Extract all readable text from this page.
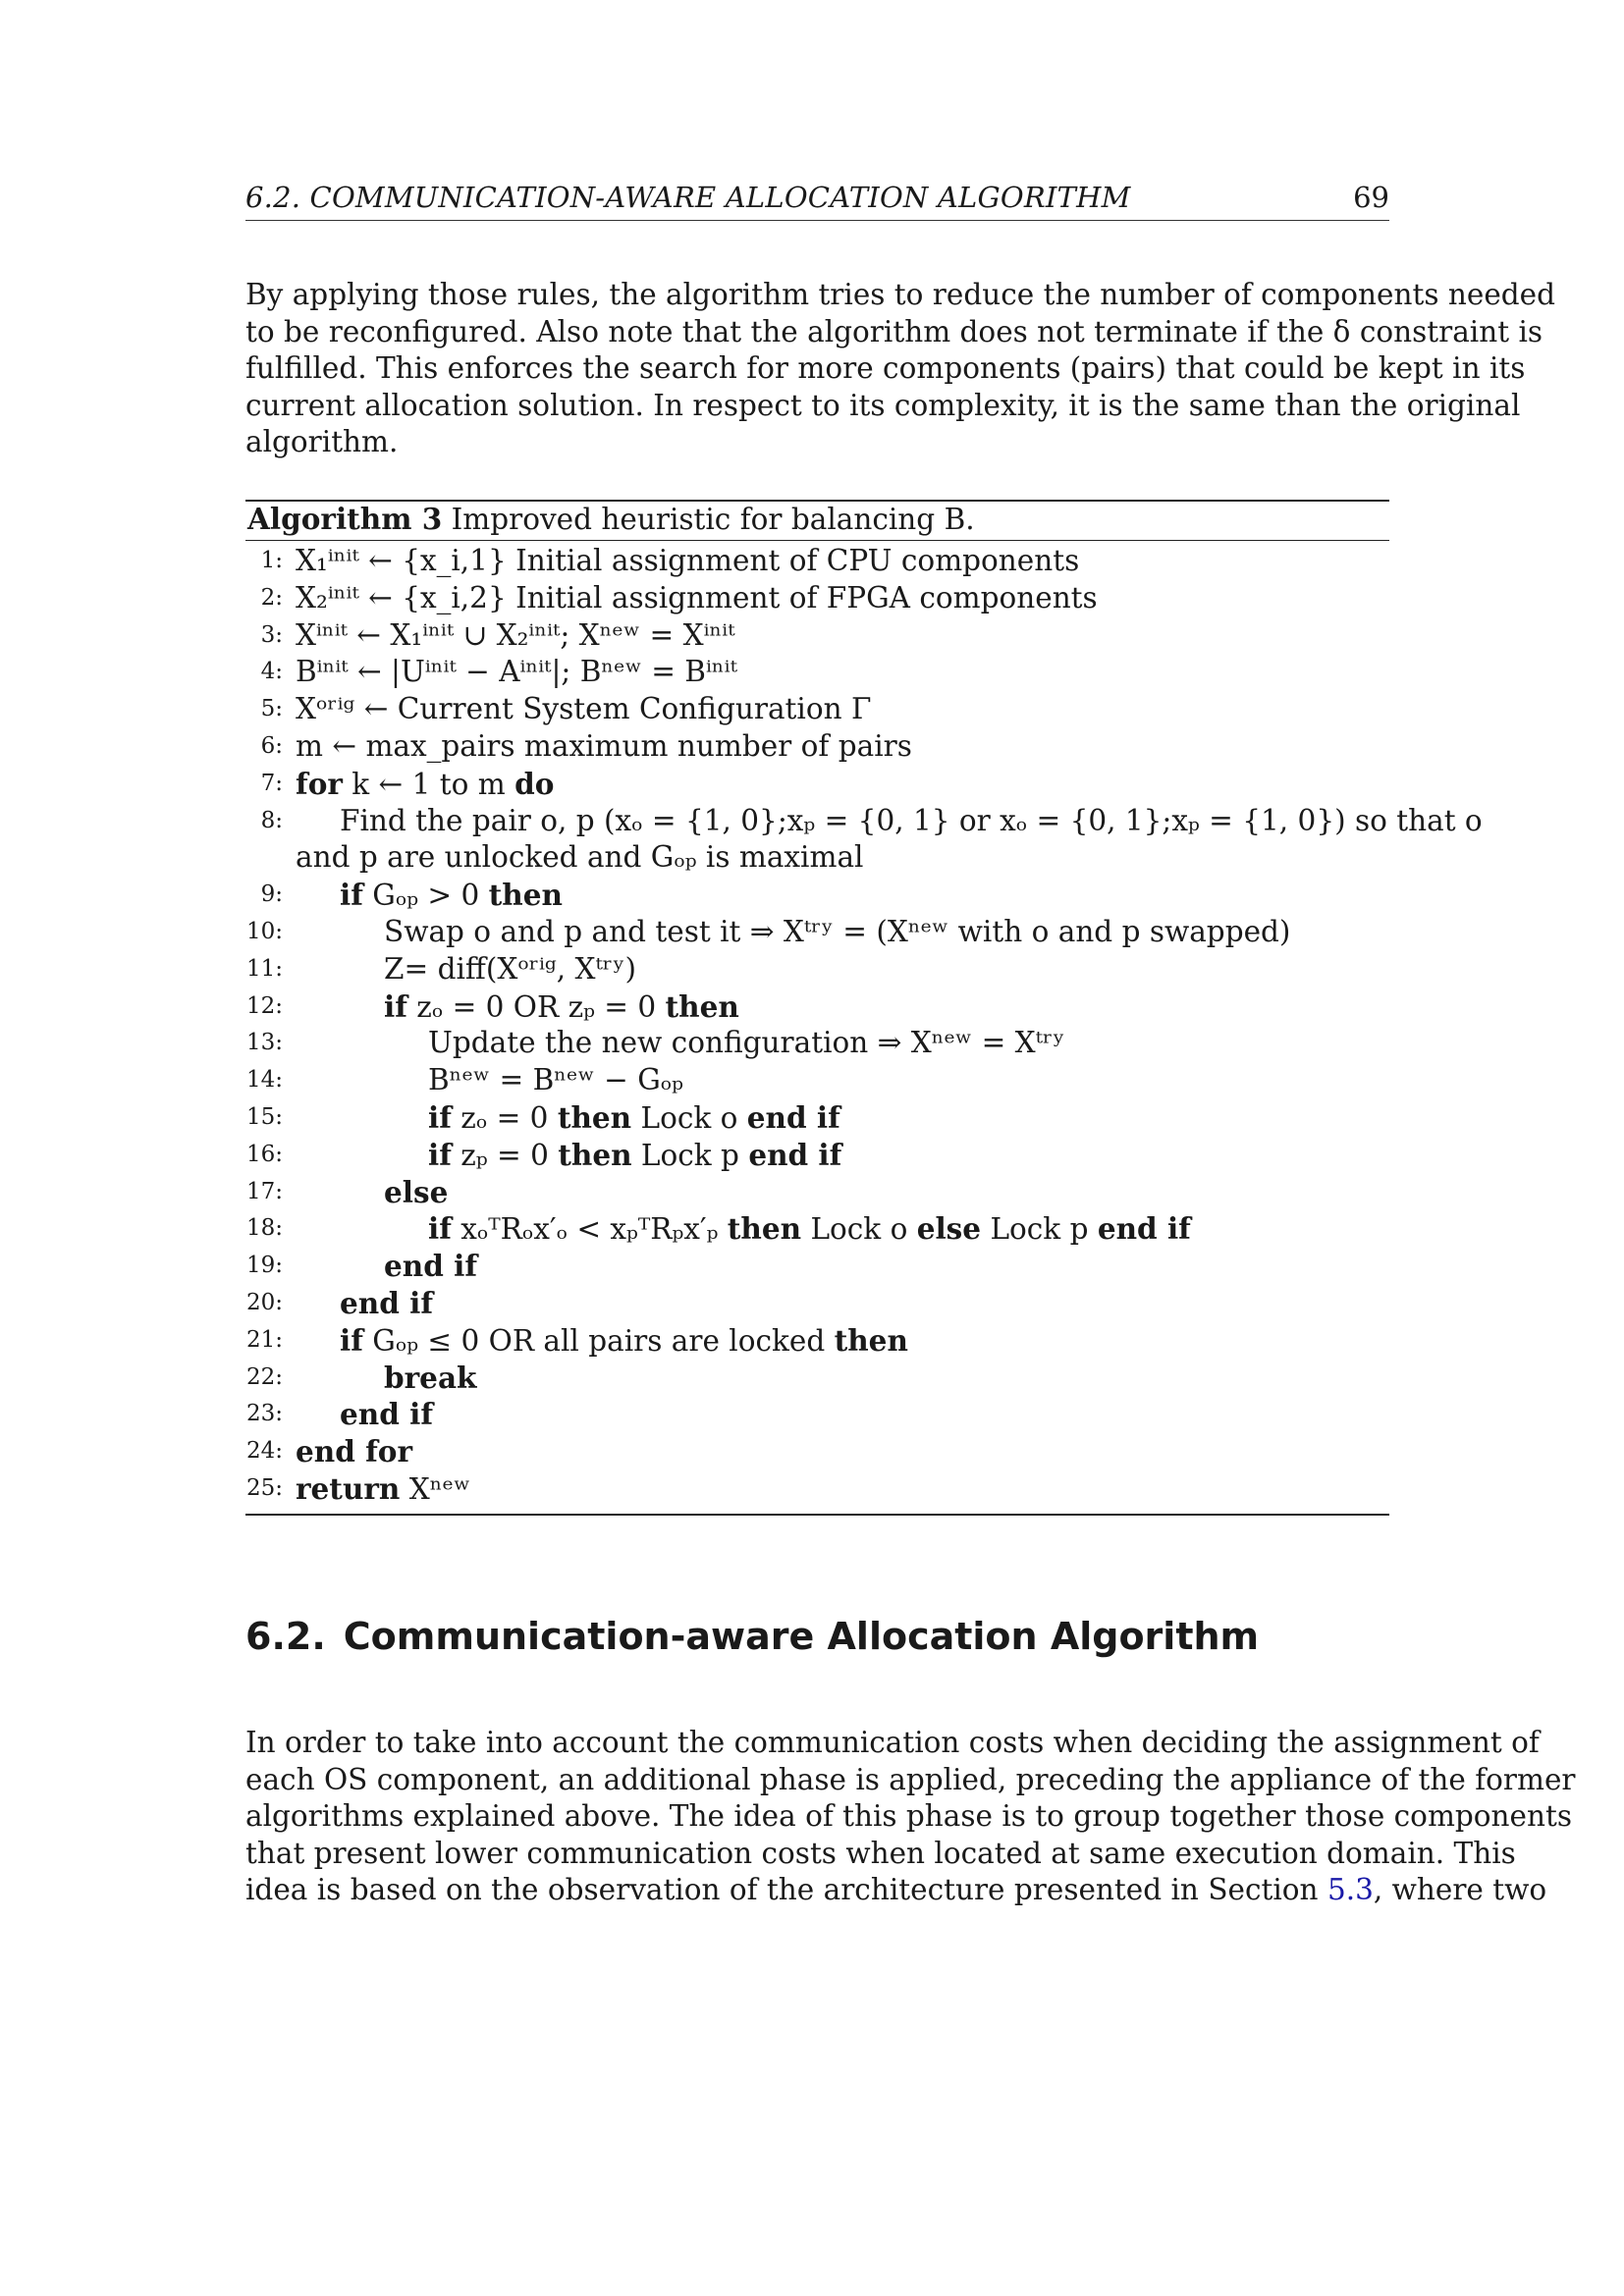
6.2. COMMUNICATION-AWARE ALLOCATION ALGORITHM	69

By applying those rules, the algorithm tries to reduce the number of components needed
to be reconfigured. Also note that the algorithm does not terminate if the δ constraint is
fulfilled. This enforces the search for more components (pairs) that could be kept in its
current allocation solution. In respect to its complexity, it is the same than the original
algorithm.

Algorithm 3 Improved heuristic for balancing B.
1: X₁ⁱⁿⁱᵗ ← {x_i,1} Initial assignment of CPU components
2: X₂ⁱⁿⁱᵗ ← {x_i,2} Initial assignment of FPGA components
3: Xⁱⁿⁱᵗ ← X₁ⁱⁿⁱᵗ ∪ X₂ⁱⁿⁱᵗ; Xⁿᵉʷ = Xⁱⁿⁱᵗ
4: Bⁱⁿⁱᵗ ← |Uⁱⁿⁱᵗ − Aⁱⁿⁱᵗ|; Bⁿᵉʷ = Bⁱⁿⁱᵗ
5: Xᵒʳⁱᵍ ← Current System Configuration Γ
6: m ← max_pairs maximum number of pairs
7: for k ← 1 to m do
8: Find the pair o, p (xₒ = {1, 0};xₚ = {0, 1} or xₒ = {0, 1};xₚ = {1, 0}) so that o
and p are unlocked and Gₒₚ is maximal
9: if Gₒₚ > 0 then
10:	Swap o and p and test it ⇒ Xᵗʳʸ = (Xⁿᵉʷ with o and p swapped)
11:	Z= diff(Xᵒʳⁱᵍ, Xᵗʳʸ)
12:	if zₒ = 0 OR zₚ = 0 then
13:	Update the new configuration ⇒ Xⁿᵉʷ = Xᵗʳʸ
14:	Bⁿᵉʷ = Bⁿᵉʷ − Gₒₚ
15:	if zₒ = 0 then Lock o end if
16:	if zₚ = 0 then Lock p end if
17:	else
18:	if xₒᵀRₒx′ₒ < xₚᵀRₚx′ₚ then Lock o else Lock p end if
19:	end if
20: end if
21: if Gₒₚ ≤ 0 OR all pairs are locked then
22:	break
23: end if
24: end for
25: return Xⁿᵉʷ
6.2. Communication-aware Allocation Algorithm

In order to take into account the communication costs when deciding the assignment of
each OS component, an additional phase is applied, preceding the appliance of the former
algorithms explained above. The idea of this phase is to group together those components
that present lower communication costs when located at same execution domain. This
idea is based on the observation of the architecture presented in Section 5.3, where two
